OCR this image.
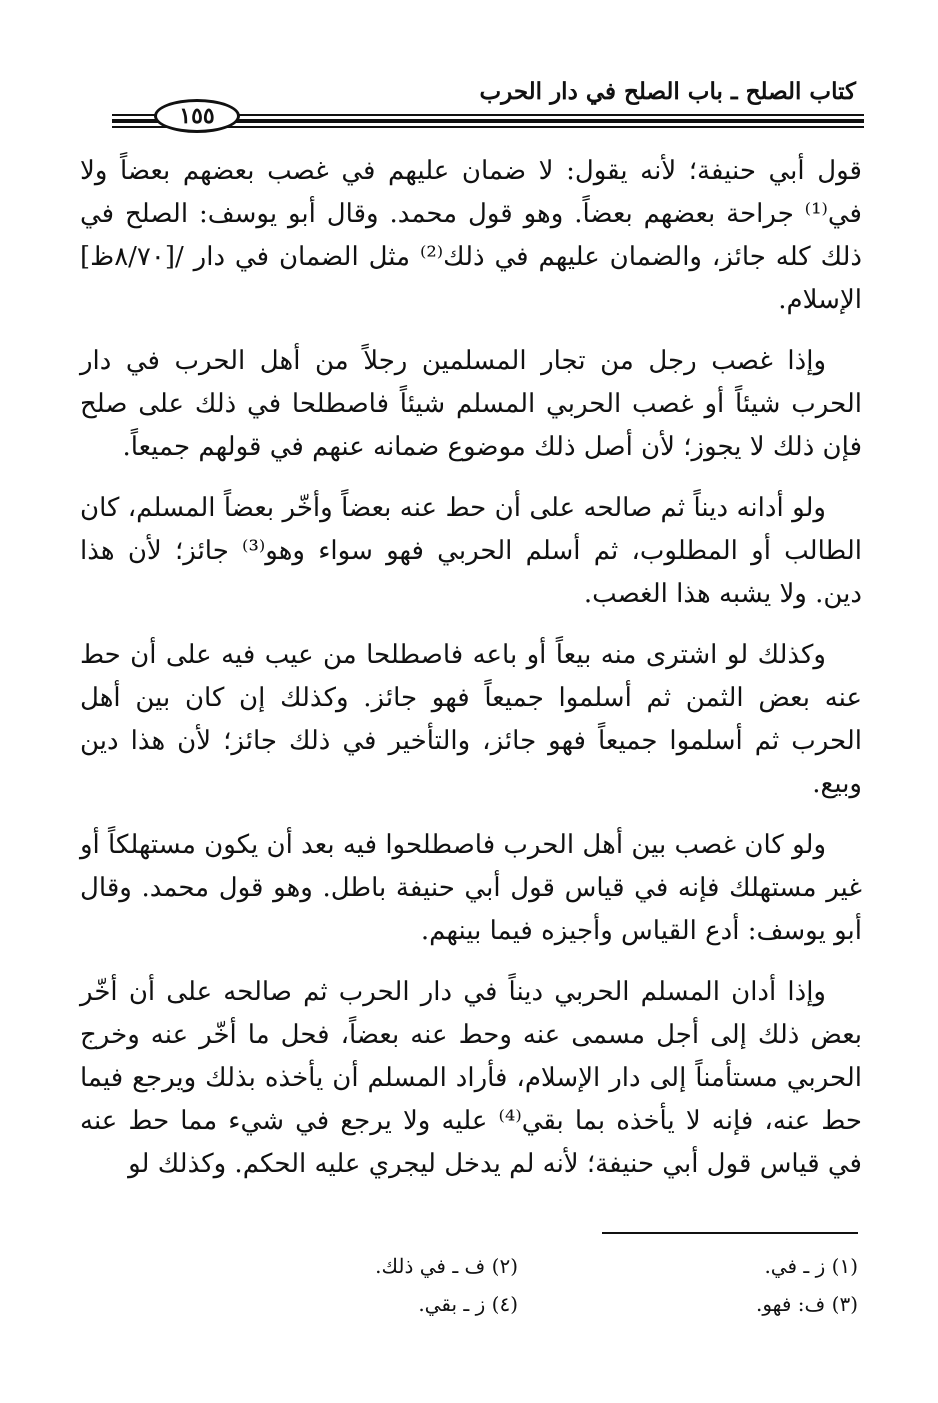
كتاب الصلح ـ باب الصلح في دار الحرب
١٥٥

قول أبي حنيفة؛ لأنه يقول: لا ضمان عليهم في غصب بعضهم بعضاً ولا في⁽¹⁾ جراحة بعضهم بعضاً. وهو قول محمد. وقال أبو يوسف: الصلح في ذلك كله جائز، والضمان عليهم في ذلك⁽²⁾ مثل الضمان في دار /[٨/٧٠ظ] الإسلام.

وإذا غصب رجل من تجار المسلمين رجلاً من أهل الحرب في دار الحرب شيئاً أو غصب الحربي المسلم شيئاً فاصطلحا في ذلك على صلح فإن ذلك لا يجوز؛ لأن أصل ذلك موضوع ضمانه عنهم في قولهم جميعاً.

ولو أدانه ديناً ثم صالحه على أن حط عنه بعضاً وأخّر بعضاً المسلم، كان الطالب أو المطلوب، ثم أسلم الحربي فهو سواء وهو⁽³⁾ جائز؛ لأن هذا دين. ولا يشبه هذا الغصب.

وكذلك لو اشترى منه بيعاً أو باعه فاصطلحا من عيب فيه على أن حط عنه بعض الثمن ثم أسلموا جميعاً فهو جائز. وكذلك إن كان بين أهل الحرب ثم أسلموا جميعاً فهو جائز، والتأخير في ذلك جائز؛ لأن هذا دين وبيع.

ولو كان غصب بين أهل الحرب فاصطلحوا فيه بعد أن يكون مستهلكاً أو غير مستهلك فإنه في قياس قول أبي حنيفة باطل. وهو قول محمد. وقال أبو يوسف: أدع القياس وأجيزه فيما بينهم.

وإذا أدان المسلم الحربي ديناً في دار الحرب ثم صالحه على أن أخّر بعض ذلك إلى أجل مسمى عنه وحط عنه بعضاً، فحل ما أخّر عنه وخرج الحربي مستأمناً إلى دار الإسلام، فأراد المسلم أن يأخذه بذلك ويرجع فيما حط عنه، فإنه لا يأخذه بما بقي⁽⁴⁾ عليه ولا يرجع في شيء مما حط عنه في قياس قول أبي حنيفة؛ لأنه لم يدخل ليجري عليه الحكم. وكذلك لو

(١) ز ـ في.
(٢) ف ـ في ذلك.
(٣) ف: فهو.
(٤) ز ـ بقي.
